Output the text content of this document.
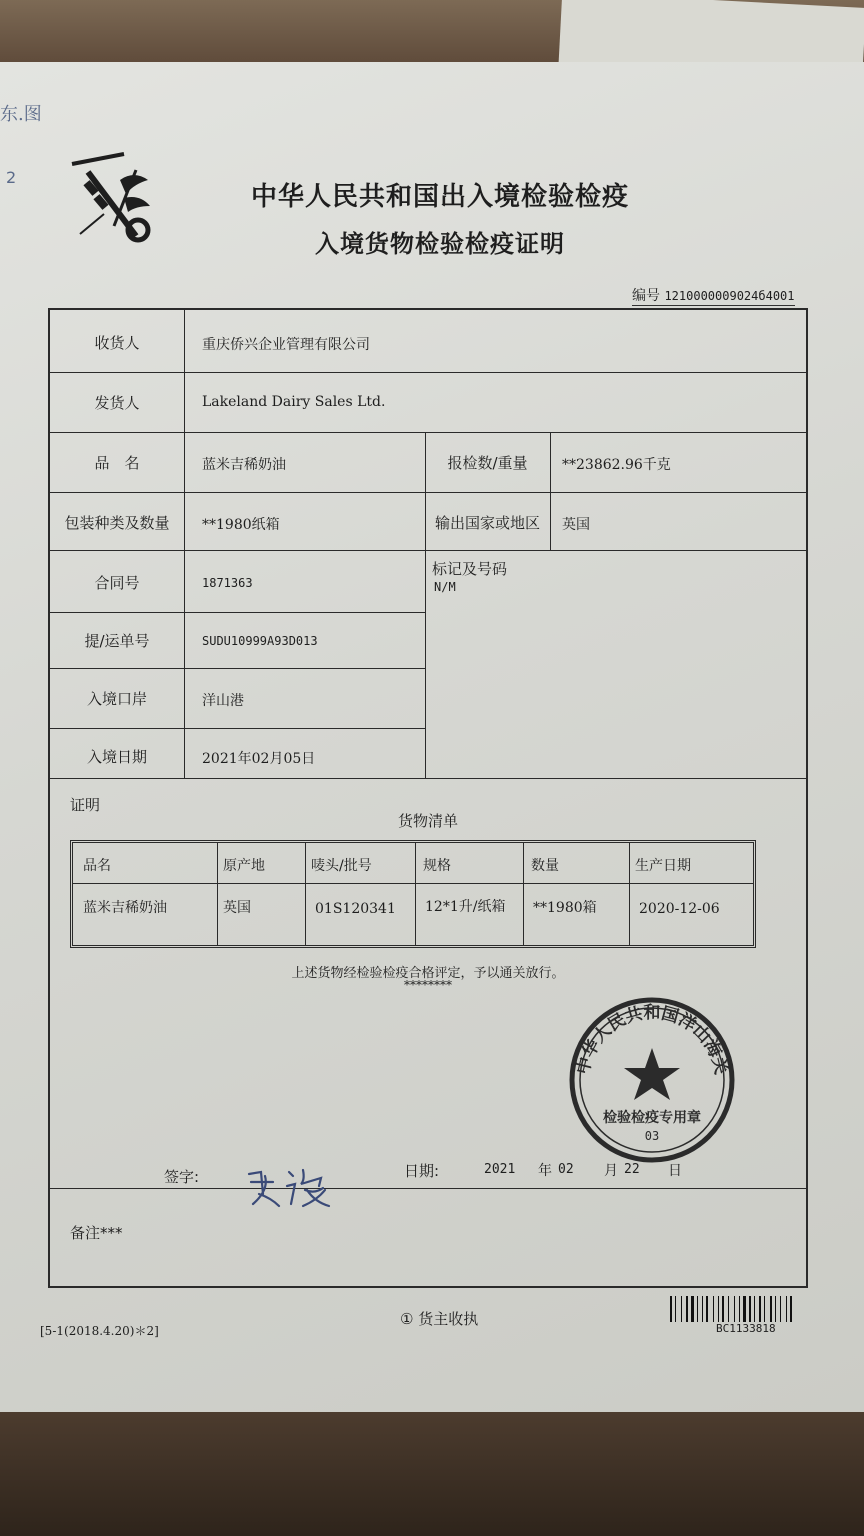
东.图
2
中华人民共和国出入境检验检疫
入境货物检验检疫证明
编号 1210000009024б4001
收货人	重庆侨兴企业管理有限公司
发货人	Lakeland Dairy Sales Ltd.
品　名	蓝米吉稀奶油	报检数/重量	**23862.96千克
包装种类及数量	**1980纸箱	输出国家或地区	英国
合同号	1871363
标记及号码
N/M
提/运单号	SUDU10999A93D013
入境口岸	洋山港
入境日期	2021年02月05日
证明
货物清单
品名	原产地	唛头/批号	规格	数量	生产日期
蓝米吉稀奶油	英国	01S120341 12*1升/纸箱	**1980箱	2020-12-06
上述货物经检验检疫合格评定，予以通关放行。
********
签字:	日期:	2021 年 02 月 22 日
备注***
中华人民共和国洋山海关
检验检疫专用章
03
[5-1(2018.4.20)＊2]
① 货主收执
BC1133818
